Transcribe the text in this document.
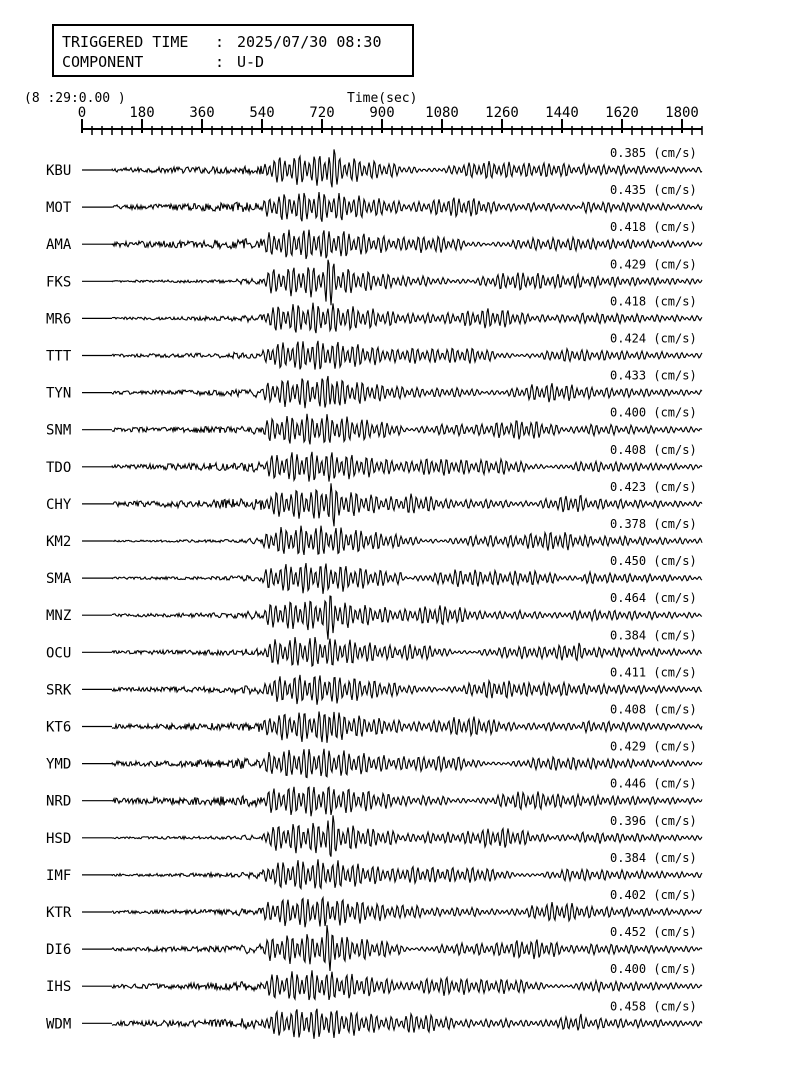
TRIGGERED TIME : 2025/07/30 08:30
COMPONENT	: U-D
(8 :29:0.00 )	Time(sec)
0	180 360 540 720 900 1080 1260 1440 1620 1800
KBU
0.385 (cm/s)
MOT
0.435 (cm/s)
AMA
0.418 (cm/s)
FKS
0.429 (cm/s)
MR6
0.418 (cm/s)
TTT
0.424 (cm/s)
TYN
0.433 (cm/s)
SNM
0.400 (cm/s)
TDO
0.408 (cm/s)
CHY
0.423 (cm/s)
KM2
0.378 (cm/s)
SMA
0.450 (cm/s)
MNZ
0.464 (cm/s)
OCU
0.384 (cm/s)
SRK
0.411 (cm/s)
KT6
0.408 (cm/s)
YMD
0.429 (cm/s)
NRD
0.446 (cm/s)
HSD
0.396 (cm/s)
IMF
0.384 (cm/s)
KTR
0.402 (cm/s)
DI6
0.452 (cm/s)
IHS
0.400 (cm/s)
WDM
0.458 (cm/s)
